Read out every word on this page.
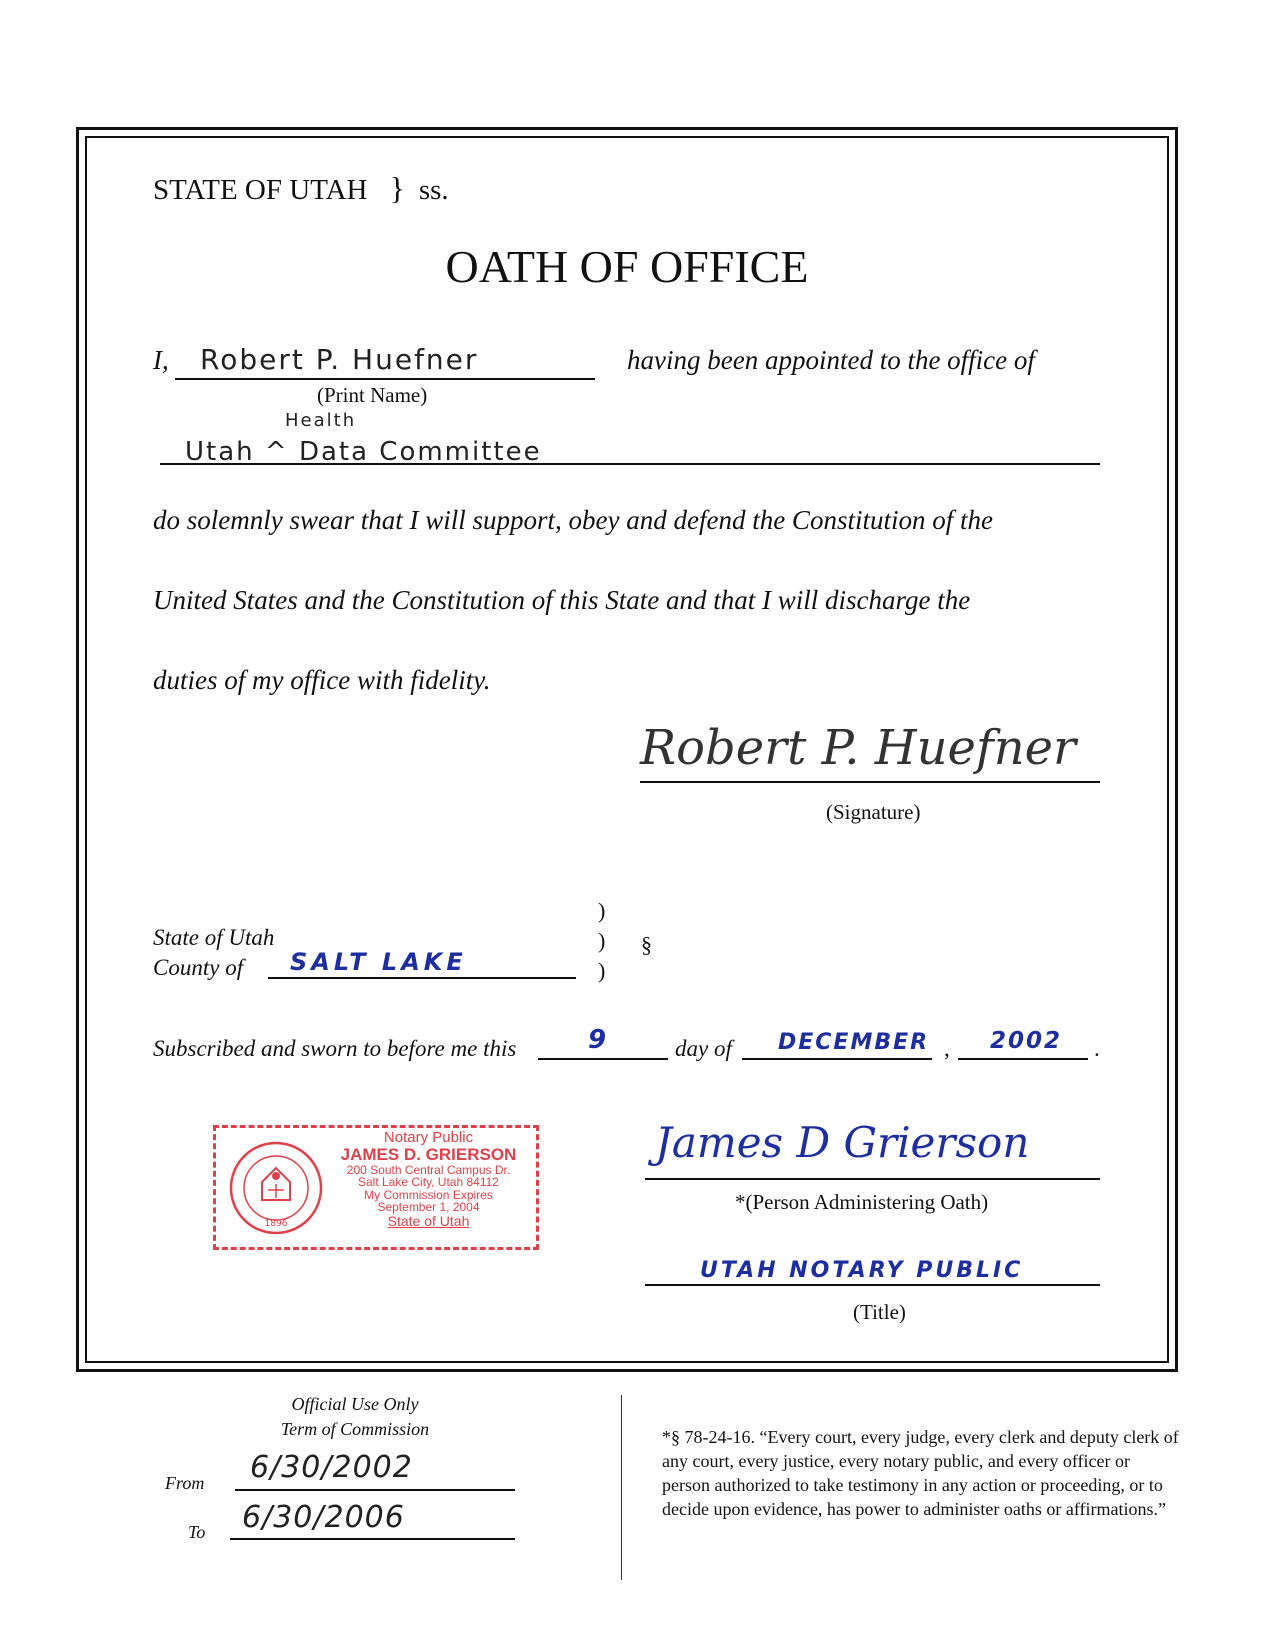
STATE OF UTAH } ss.
OATH OF OFFICE
I, Robert P. Huefner
(Print Name)
having been appointed to the office of
Health
Utah ^ Data Committee
do solemnly swear that I will support, obey and defend the Constitution of the
United States and the Constitution of this State and that I will discharge the
duties of my office with fidelity.
Robert P. Huefner
(Signature)
State of Utah
County of SALT LAKE
)
)
)
§
Subscribed and sworn to before me this	9	day of DECEMBER , 2002 .
1896
Notary Public
JAMES D. GRIERSON
200 South Central Campus Dr.
Salt Lake City, Utah 84112
My Commission Expires
September 1, 2004
State of Utah
James D Grierson
*(Person Administering Oath)
UTAH NOTARY PUBLIC
(Title)
Official Use Only
Term of Commission
From 6/30/2002
To 6/30/2006
*§ 78-24-16. “Every court, every judge, every clerk and deputy clerk of any court, every justice, every notary public, and every officer or person authorized to take testimony in any action or proceeding, or to decide upon evidence, has power to administer oaths or affirmations.”
